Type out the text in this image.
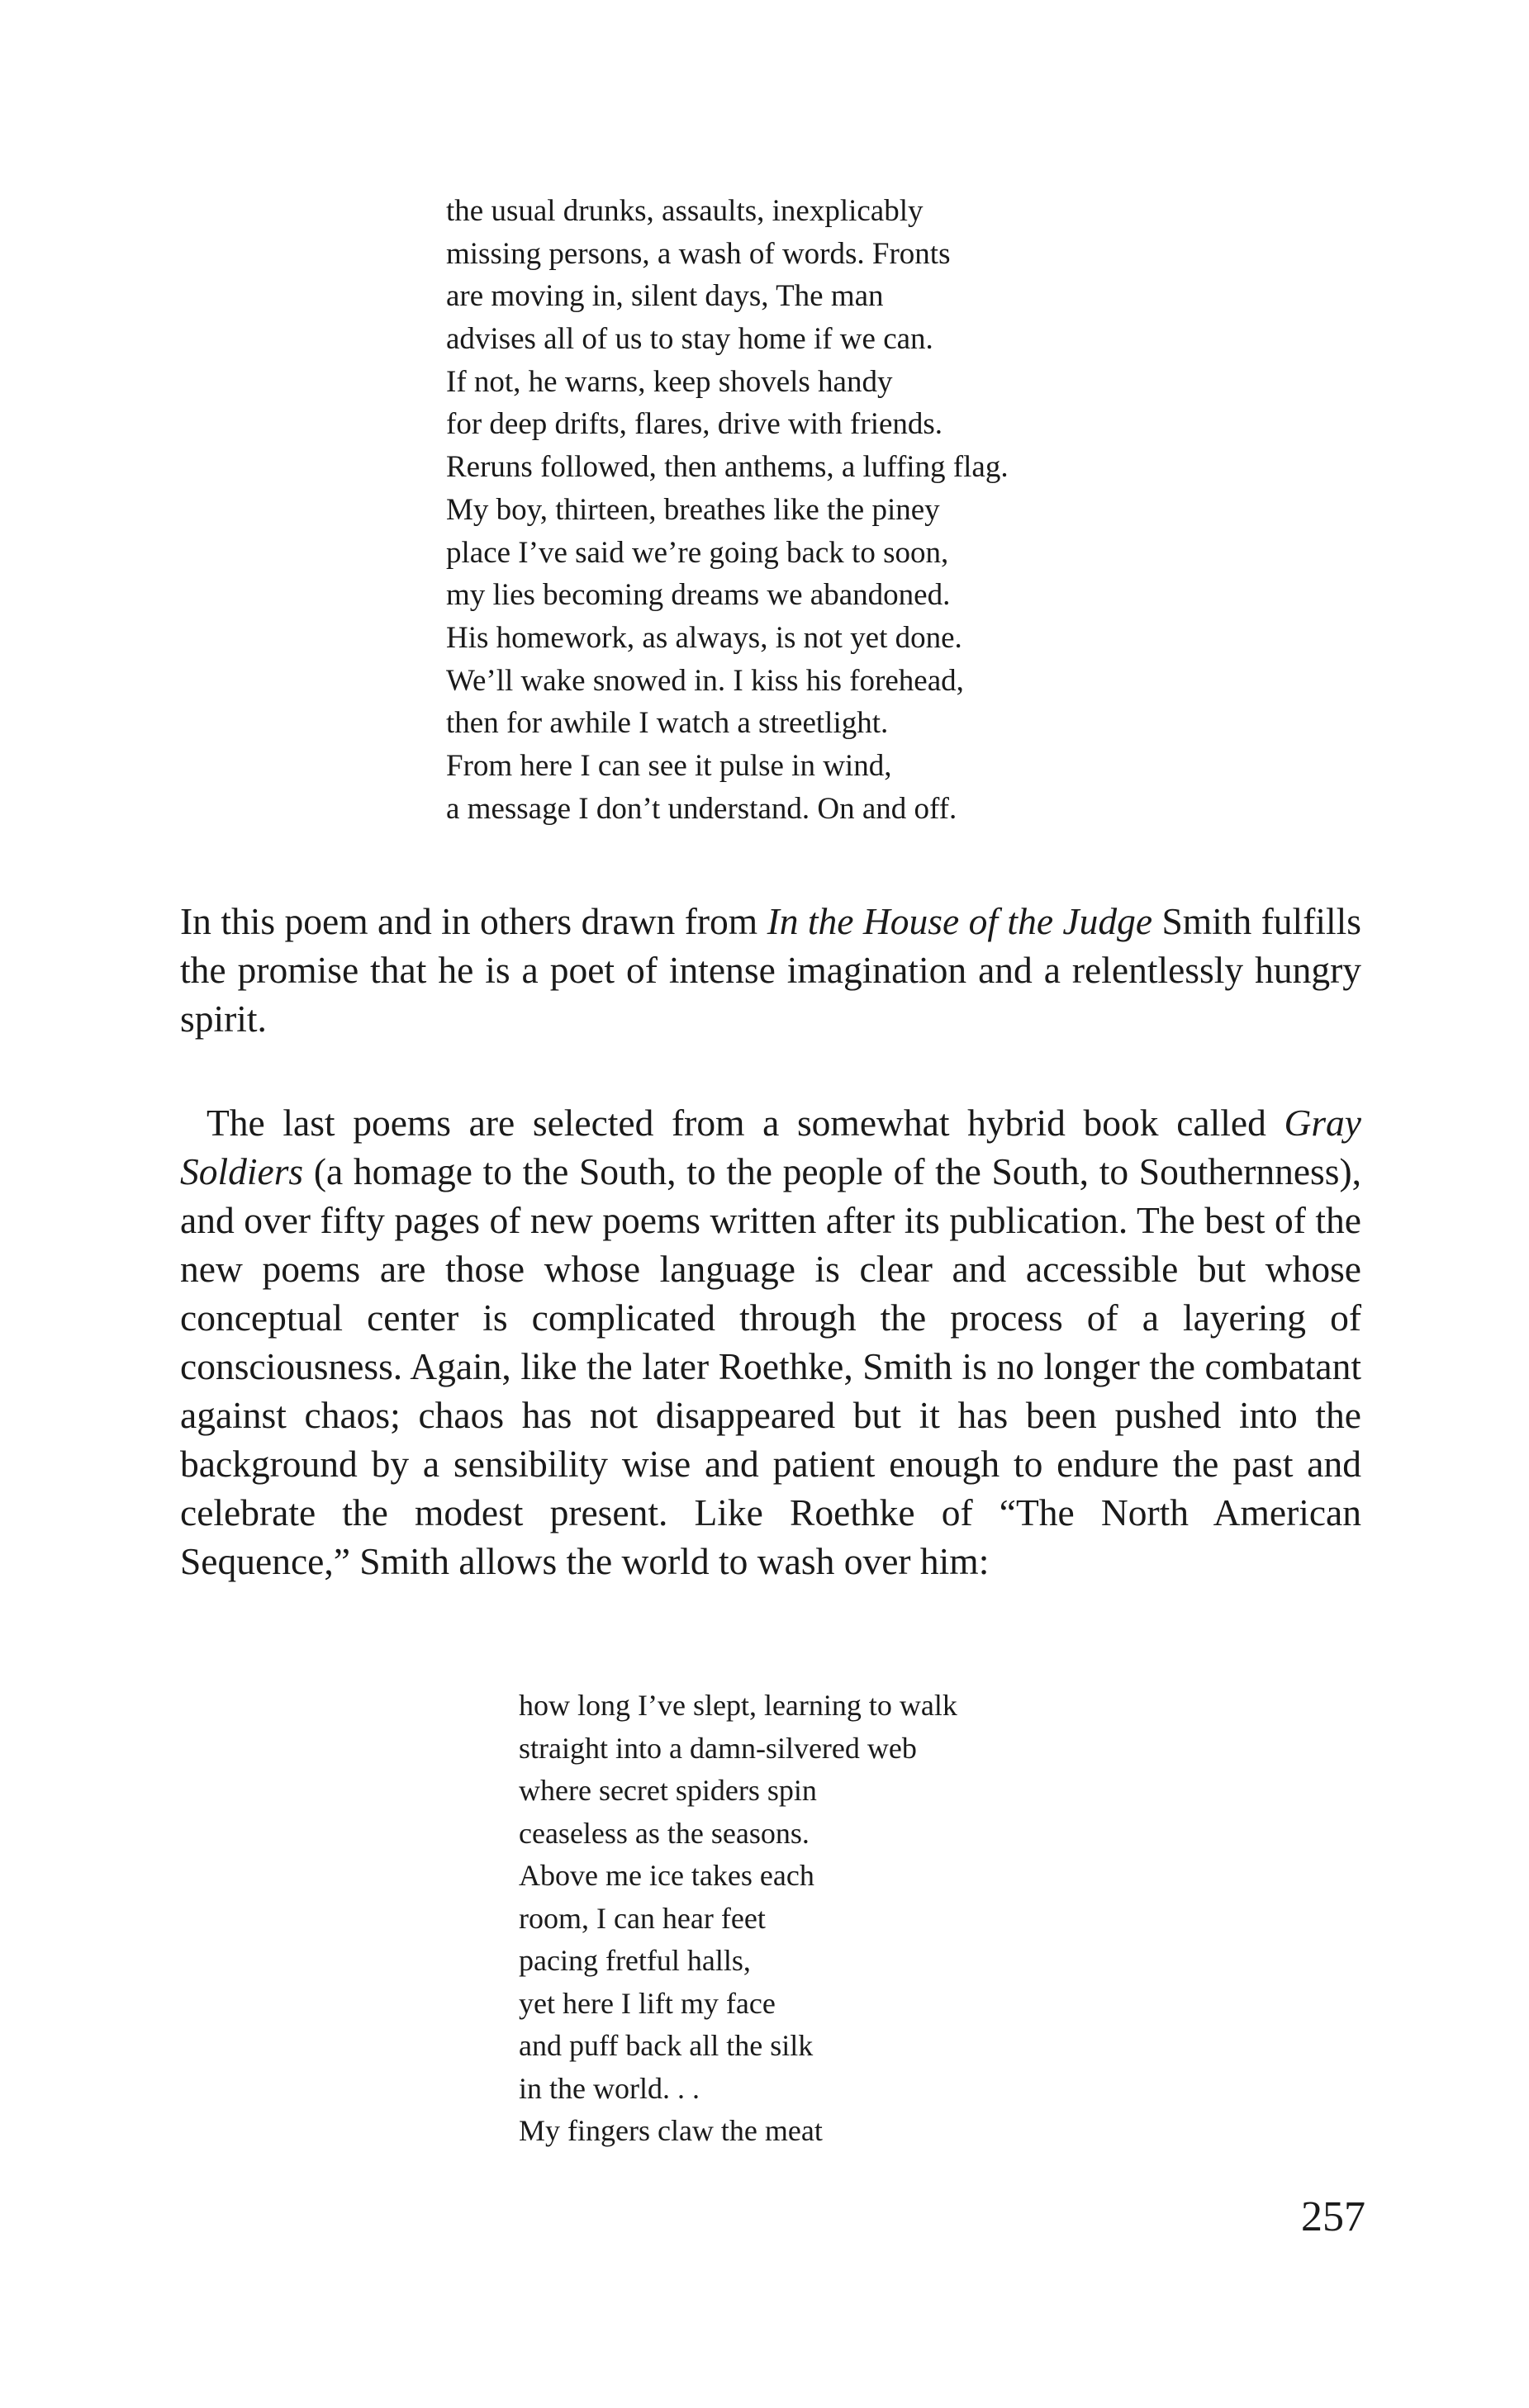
the usual drunks, assaults, inexplicably
missing persons, a wash of words. Fronts
are moving in, silent days, The man
advises all of us to stay home if we can.
If not, he warns, keep shovels handy
for deep drifts, flares, drive with friends.
Reruns followed, then anthems, a luffing flag.
My boy, thirteen, breathes like the piney
place I’ve said we’re going back to soon,
my lies becoming dreams we abandoned.
His homework, as always, is not yet done.
We’ll wake snowed in. I kiss his forehead,
then for awhile I watch a streetlight.
From here I can see it pulse in wind,
a message I don’t understand. On and off.

In this poem and in others drawn from In the House of the Judge Smith fulfills the promise that he is a poet of intense imagination and a relentlessly hungry spirit.

The last poems are selected from a somewhat hybrid book called Gray Soldiers (a homage to the South, to the people of the South, to Southernness), and over fifty pages of new poems written after its publication. The best of the new poems are those whose language is clear and accessible but whose conceptual center is complicated through the process of a layering of consciousness. Again, like the later Roethke, Smith is no longer the combatant against chaos; chaos has not disappeared but it has been pushed into the background by a sensibility wise and patient enough to endure the past and celebrate the modest present. Like Roethke of “The North American Sequence,” Smith allows the world to wash over him:

how long I’ve slept, learning to walk
straight into a damn-silvered web
where secret spiders spin
ceaseless as the seasons.
Above me ice takes each
room, I can hear feet
pacing fretful halls,
yet here I lift my face
and puff back all the silk
in the world. . .
My fingers claw the meat
257
